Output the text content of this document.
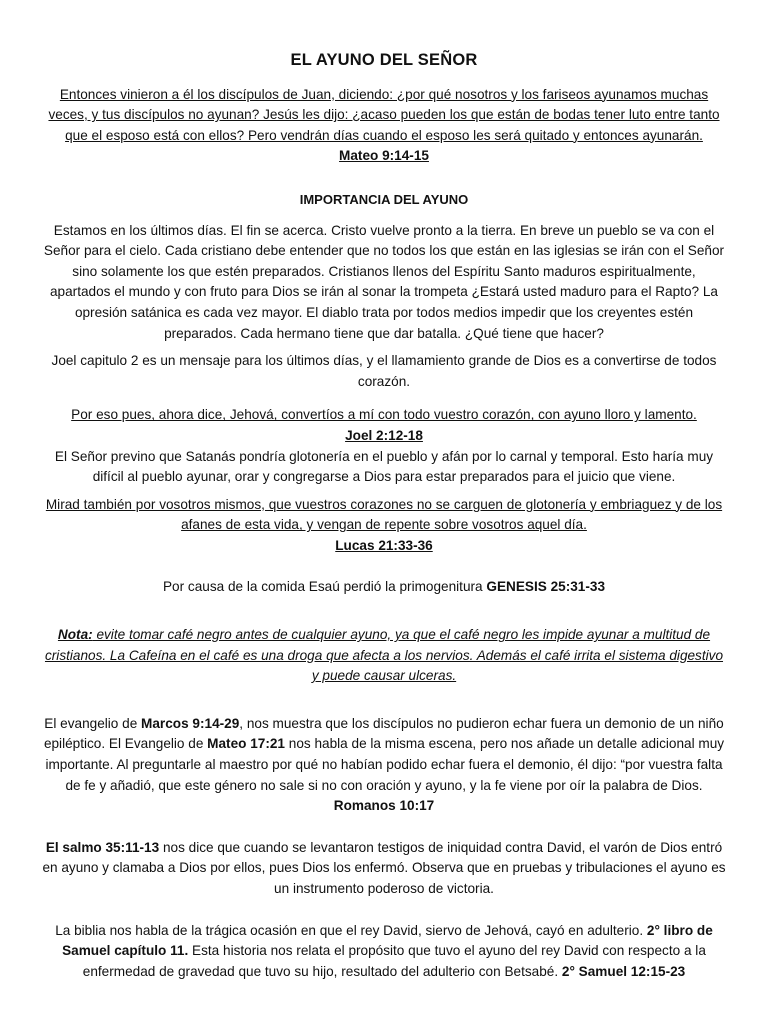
EL AYUNO DEL SEÑOR

Entonces vinieron a él los discípulos de Juan, diciendo: ¿por qué nosotros y los fariseos ayunamos muchas veces, y tus discípulos no ayunan? Jesús les dijo: ¿acaso pueden los que están de bodas tener luto entre tanto que el esposo está con ellos? Pero vendrán días cuando el esposo les será quitado y entonces ayunarán.

Mateo 9:14-15

IMPORTANCIA DEL AYUNO

Estamos en los últimos días. El fin se acerca. Cristo vuelve pronto a la tierra. En breve un pueblo se va con el Señor para el cielo. Cada cristiano debe entender que no todos los que están en las iglesias se irán con el Señor sino solamente los que estén preparados. Cristianos llenos del Espíritu Santo maduros espiritualmente, apartados el mundo y con fruto para Dios se irán al sonar la trompeta ¿Estará usted maduro para el Rapto? La opresión satánica es cada vez mayor. El diablo trata por todos medios impedir que los creyentes estén preparados. Cada hermano tiene que dar batalla. ¿Qué tiene que hacer?

Joel capitulo 2 es un mensaje para los últimos días, y el llamamiento grande de Dios es a convertirse de todos corazón.

Por eso pues, ahora dice, Jehová, convertíos a mí con todo vuestro corazón, con ayuno lloro y lamento.

Joel 2:12-18

El Señor previno que Satanás pondría glotonería en el pueblo y afán por lo carnal y temporal. Esto haría muy difícil al pueblo ayunar, orar y congregarse a Dios para estar preparados para el juicio que viene.

Mirad también por vosotros mismos, que vuestros corazones no se carguen de glotonería y embriaguez y de los afanes de esta vida, y vengan de repente sobre vosotros aquel día.

Lucas 21:33-36

Por causa de la comida Esaú perdió la primogenitura GENESIS 25:31-33

Nota: evite tomar café negro antes de cualquier ayuno, ya que el café negro les impide ayunar a multitud de cristianos. La Cafeína en el café es una droga que afecta a los nervios. Además el café irrita el sistema digestivo y puede causar ulceras.

El evangelio de Marcos 9:14-29, nos muestra que los discípulos no pudieron echar fuera un demonio de un niño epiléptico. El Evangelio de Mateo 17:21 nos habla de la misma escena, pero nos añade un detalle adicional muy importante. Al preguntarle al maestro por qué no habían podido echar fuera el demonio, él dijo: “por vuestra falta de fe y añadió, que este género no sale si no con oración y ayuno, y la fe viene por oír la palabra de Dios. Romanos 10:17

El salmo 35:11-13 nos dice que cuando se levantaron testigos de iniquidad contra David, el varón de Dios entró en ayuno y clamaba a Dios por ellos, pues Dios los enfermó. Observa que en pruebas y tribulaciones el ayuno es un instrumento poderoso de victoria.

La biblia nos habla de la trágica ocasión en que el rey David, siervo de Jehová, cayó en adulterio. 2° libro de Samuel capítulo 11. Esta historia nos relata el propósito que tuvo el ayuno del rey David con respecto a la enfermedad de gravedad que tuvo su hijo, resultado del adulterio con Betsabé. 2° Samuel 12:15-23
